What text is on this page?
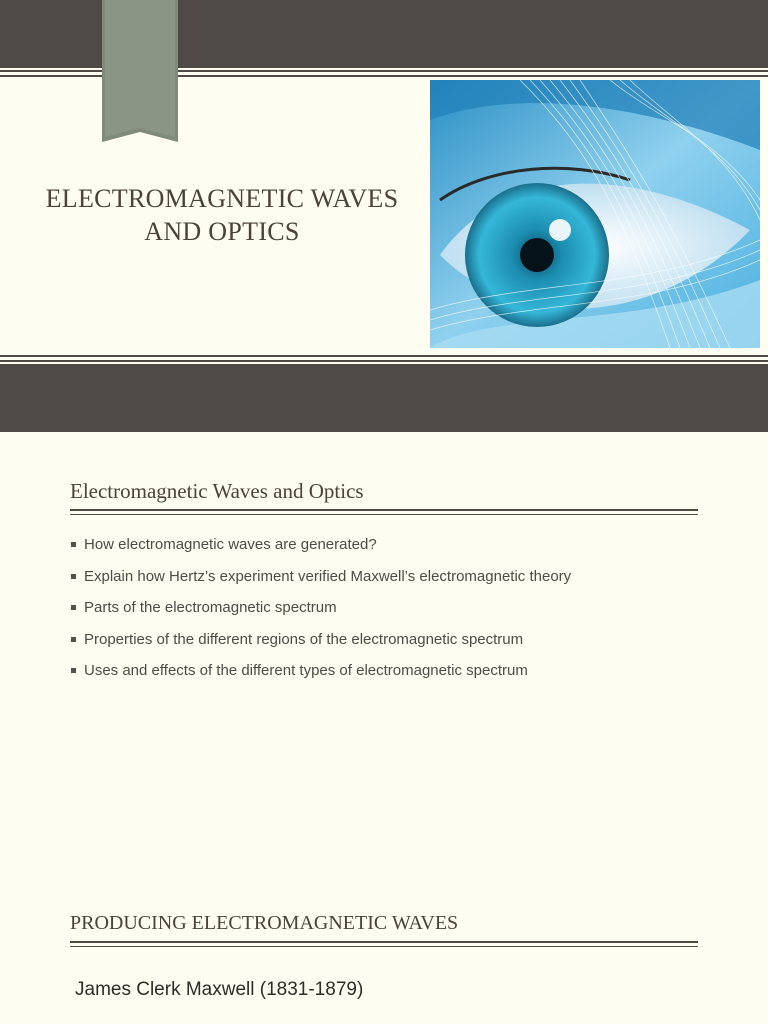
ELECTROMAGNETIC WAVES
AND OPTICS
Electromagnetic Waves and Optics
How electromagnetic waves are generated?
Explain how Hertz’s experiment verified Maxwell’s electromagnetic theory
Parts of the electromagnetic spectrum
Properties of the different regions of the electromagnetic spectrum
Uses and effects of the different types of electromagnetic spectrum
PRODUCING ELECTROMAGNETIC WAVES
James Clerk Maxwell (1831-1879)
